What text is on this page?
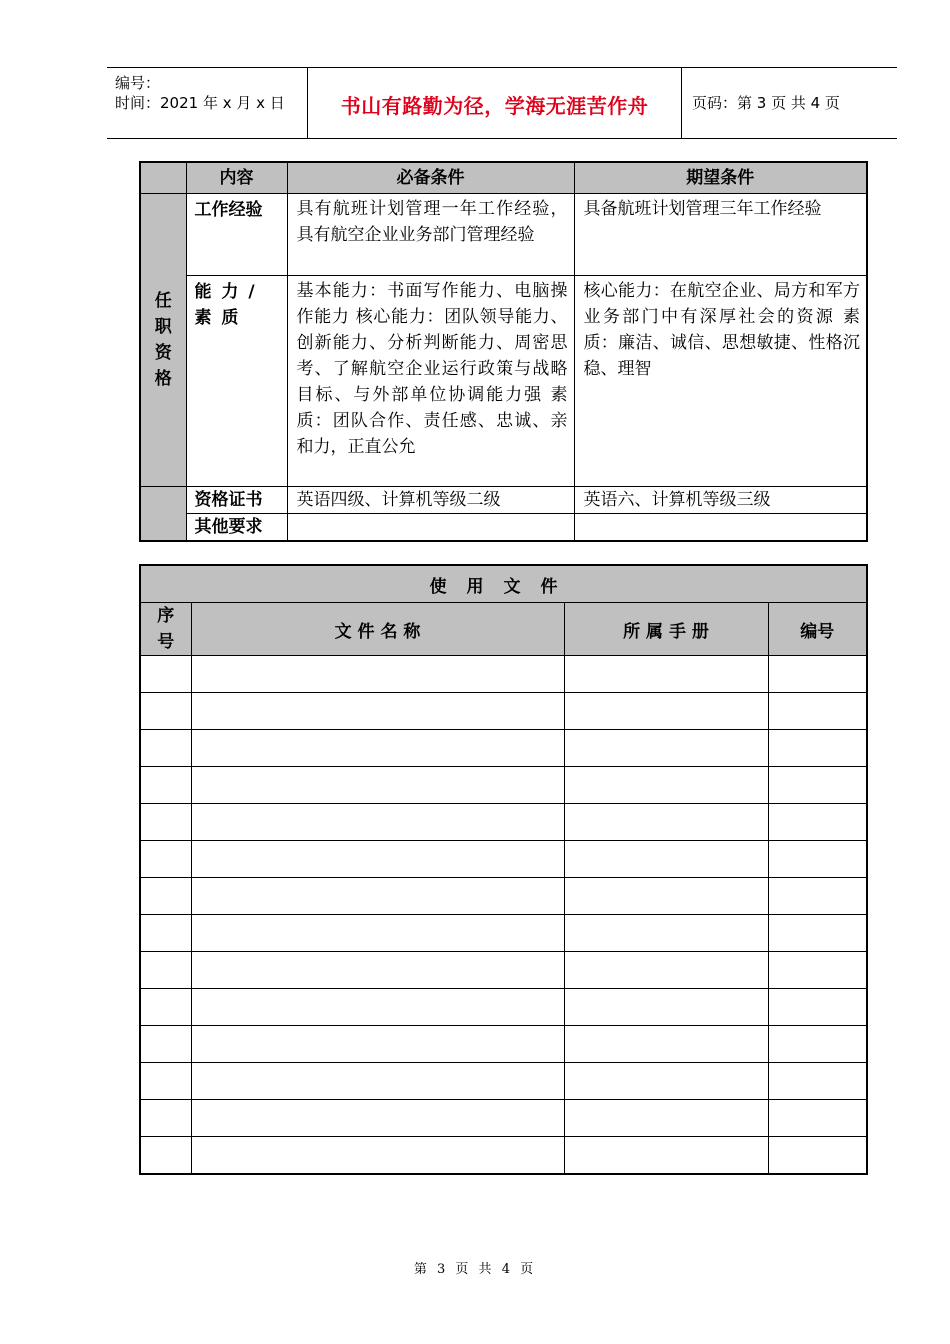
编号：
时间：2021 年 x 月 x 日	书山有路勤为径，学海无涯苦作舟	页码：第 3 页 共 4 页
	内容	必备条件	期望条件
任职资格	工作经验	具有航班计划管理一年工作经验，具有航空企业业务部门管理经验	具备航班计划管理三年工作经验
	能 力 / 素 质	基本能力：书面写作能力、电脑操作能力 核心能力：团队领导能力、创新能力、分析判断能力、周密思考、了解航空企业运行政策与战略目标、与外部单位协调能力强 素质：团队合作、责任感、忠诚、亲和力，正直公允	核心能力：在航空企业、局方和军方业务部门中有深厚社会的资源 素质：廉洁、诚信、思想敏捷、性格沉稳、理智
	资格证书	英语四级、计算机等级二级	英语六、计算机等级三级
	其他要求		
使用文件			
序号	文 件 名 称	所 属 手 册	编号

第 3 页 共 4 页
